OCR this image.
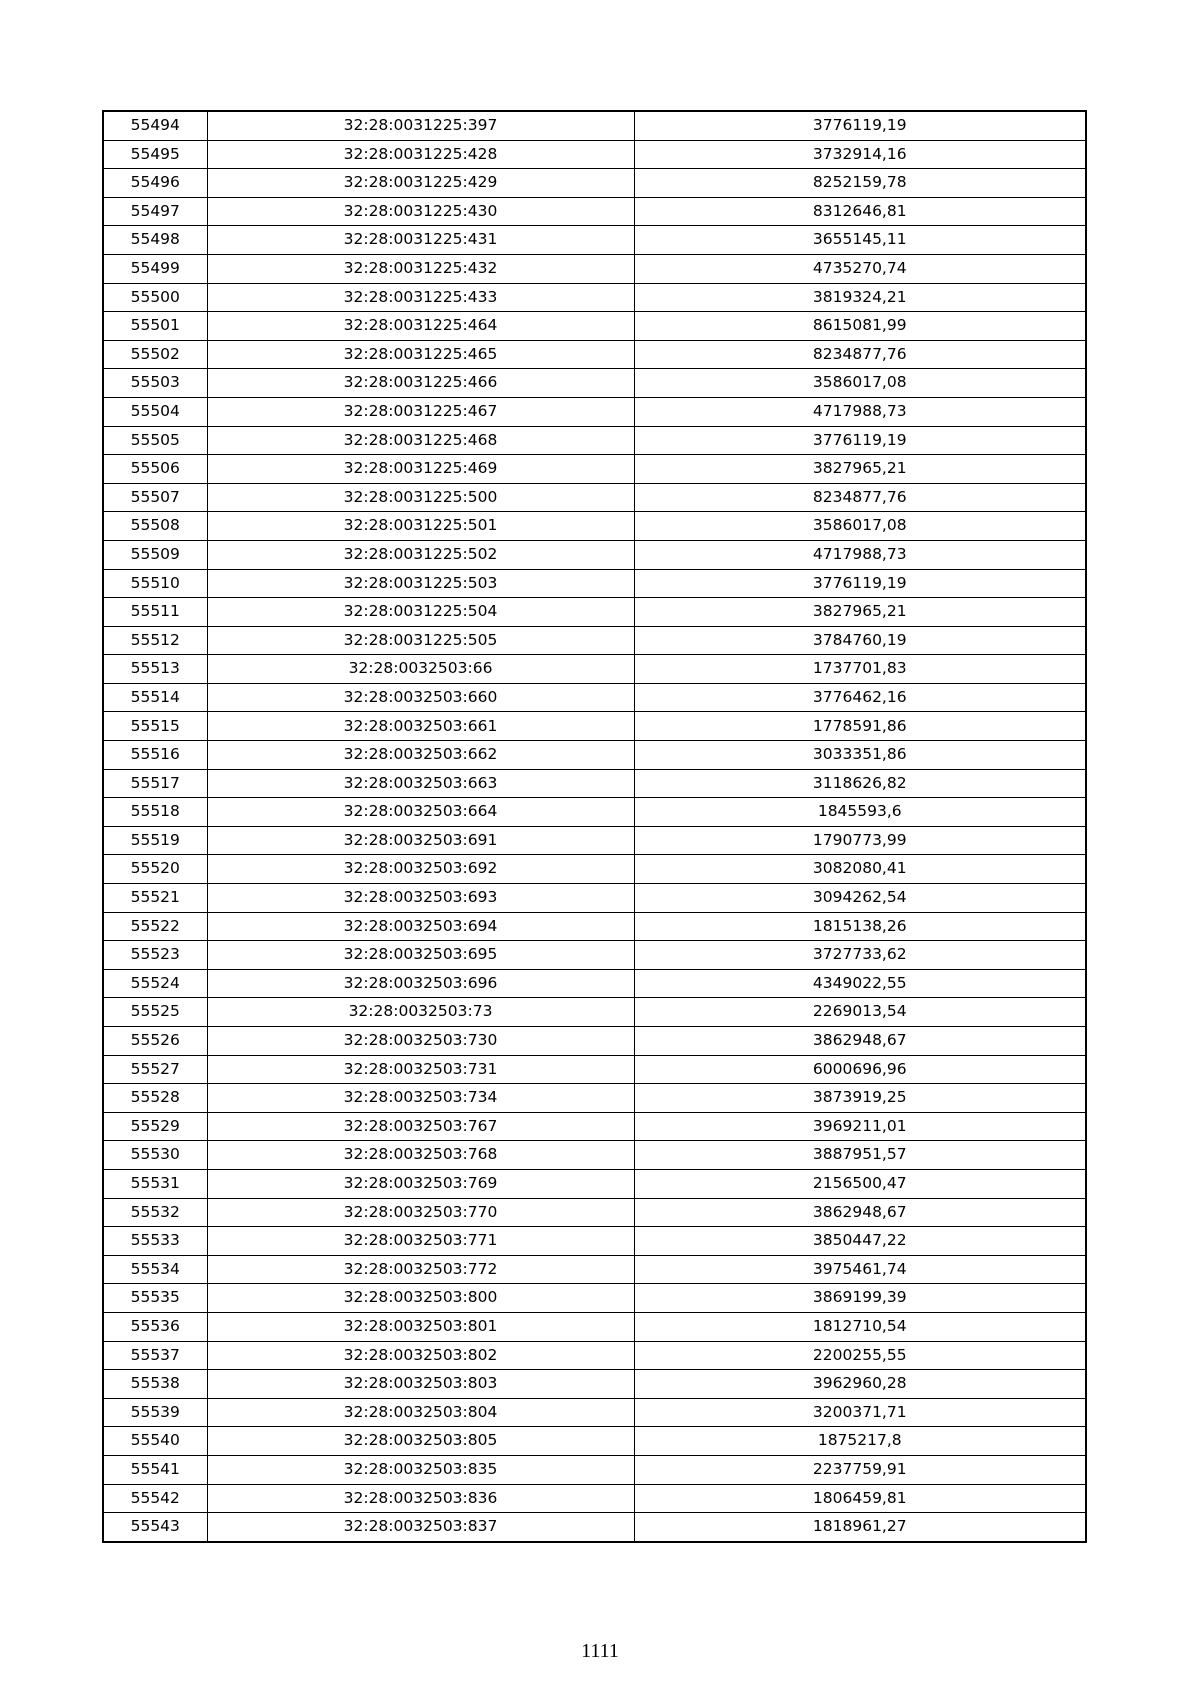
55494	32:28:0031225:397	3776119,19
55495	32:28:0031225:428	3732914,16
55496	32:28:0031225:429	8252159,78
55497	32:28:0031225:430	8312646,81
55498	32:28:0031225:431	3655145,11
55499	32:28:0031225:432	4735270,74
55500	32:28:0031225:433	3819324,21
55501	32:28:0031225:464	8615081,99
55502	32:28:0031225:465	8234877,76
55503	32:28:0031225:466	3586017,08
55504	32:28:0031225:467	4717988,73
55505	32:28:0031225:468	3776119,19
55506	32:28:0031225:469	3827965,21
55507	32:28:0031225:500	8234877,76
55508	32:28:0031225:501	3586017,08
55509	32:28:0031225:502	4717988,73
55510	32:28:0031225:503	3776119,19
55511	32:28:0031225:504	3827965,21
55512	32:28:0031225:505	3784760,19
55513	32:28:0032503:66	1737701,83
55514	32:28:0032503:660	3776462,16
55515	32:28:0032503:661	1778591,86
55516	32:28:0032503:662	3033351,86
55517	32:28:0032503:663	3118626,82
55518	32:28:0032503:664	1845593,6
55519	32:28:0032503:691	1790773,99
55520	32:28:0032503:692	3082080,41
55521	32:28:0032503:693	3094262,54
55522	32:28:0032503:694	1815138,26
55523	32:28:0032503:695	3727733,62
55524	32:28:0032503:696	4349022,55
55525	32:28:0032503:73	2269013,54
55526	32:28:0032503:730	3862948,67
55527	32:28:0032503:731	6000696,96
55528	32:28:0032503:734	3873919,25
55529	32:28:0032503:767	3969211,01
55530	32:28:0032503:768	3887951,57
55531	32:28:0032503:769	2156500,47
55532	32:28:0032503:770	3862948,67
55533	32:28:0032503:771	3850447,22
55534	32:28:0032503:772	3975461,74
55535	32:28:0032503:800	3869199,39
55536	32:28:0032503:801	1812710,54
55537	32:28:0032503:802	2200255,55
55538	32:28:0032503:803	3962960,28
55539	32:28:0032503:804	3200371,71
55540	32:28:0032503:805	1875217,8
55541	32:28:0032503:835	2237759,91
55542	32:28:0032503:836	1806459,81
55543	32:28:0032503:837	1818961,27
1111
